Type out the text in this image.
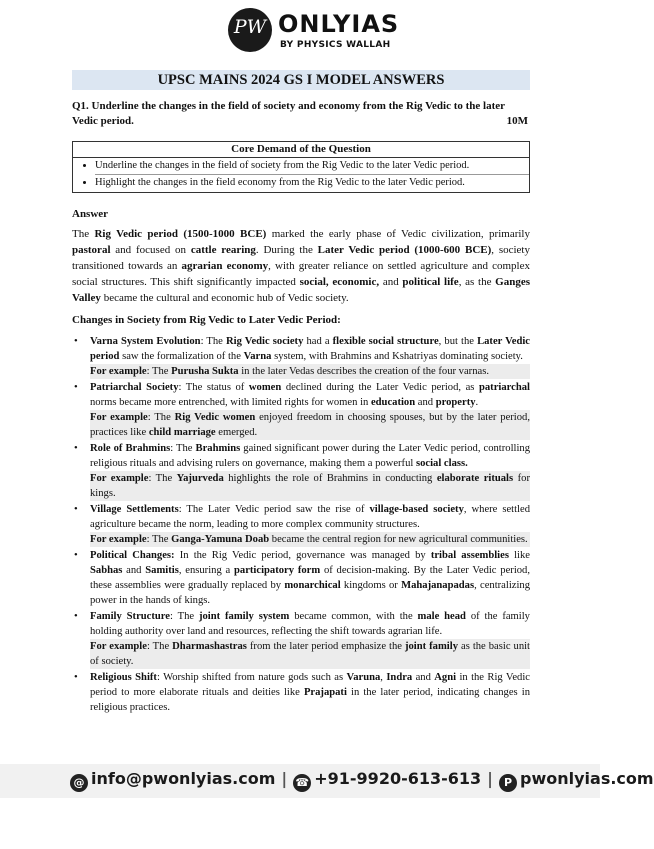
PW ONLYIAS
BY PHYSICS WALLAH
UPSC MAINS 2024 GS I MODEL ANSWERS
Q1. Underline the changes in the field of society and economy from the Rig Vedic to the later Vedic period.	10M
Core Demand of the Question
• Underline the changes in the field of society from the Rig Vedic to the later Vedic period.
• Highlight the changes in the field economy from the Rig Vedic to the later Vedic period.
Answer
The Rig Vedic period (1500-1000 BCE) marked the early phase of Vedic civilization, primarily pastoral and focused on cattle rearing. During the Later Vedic period (1000-600 BCE), society transitioned towards an agrarian economy, with greater reliance on settled agriculture and complex social structures. This shift significantly impacted social, economic, and political life, as the Ganges Valley became the cultural and economic hub of Vedic society.
Changes in Society from Rig Vedic to Later Vedic Period:
• Varna System Evolution: The Rig Vedic society had a flexible social structure, but the Later Vedic period saw the formalization of the Varna system, with Brahmins and Kshatriyas dominating society.
For example: The Purusha Sukta in the later Vedas describes the creation of the four varnas.
• Patriarchal Society: The status of women declined during the Later Vedic period, as patriarchal norms became more entrenched, with limited rights for women in education and property.
For example: The Rig Vedic women enjoyed freedom in choosing spouses, but by the later period, practices like child marriage emerged.
• Role of Brahmins: The Brahmins gained significant power during the Later Vedic period, controlling religious rituals and advising rulers on governance, making them a powerful social class.
For example: The Yajurveda highlights the role of Brahmins in conducting elaborate rituals for kings.
• Village Settlements: The Later Vedic period saw the rise of village-based society, where settled agriculture became the norm, leading to more complex community structures.
For example: The Ganga-Yamuna Doab became the central region for new agricultural communities.
• Political Changes: In the Rig Vedic period, governance was managed by tribal assemblies like Sabhas and Samitis, ensuring a participatory form of decision-making. By the Later Vedic period, these assemblies were gradually replaced by monarchical kingdoms or Mahajanapadas, centralizing power in the hands of kings.
• Family Structure: The joint family system became common, with the male head of the family holding authority over land and resources, reflecting the shift towards agrarian life.
For example: The Dharmashastras from the later period emphasize the joint family as the basic unit of society.
• Religious Shift: Worship shifted from nature gods such as Varuna, Indra and Agni in the Rig Vedic period to more elaborate rituals and deities like Prajapati in the later period, indicating changes in religious practices.
@ info@pwonlyias.com | ☎ +91-9920-613-613 | P pwonlyias.com
